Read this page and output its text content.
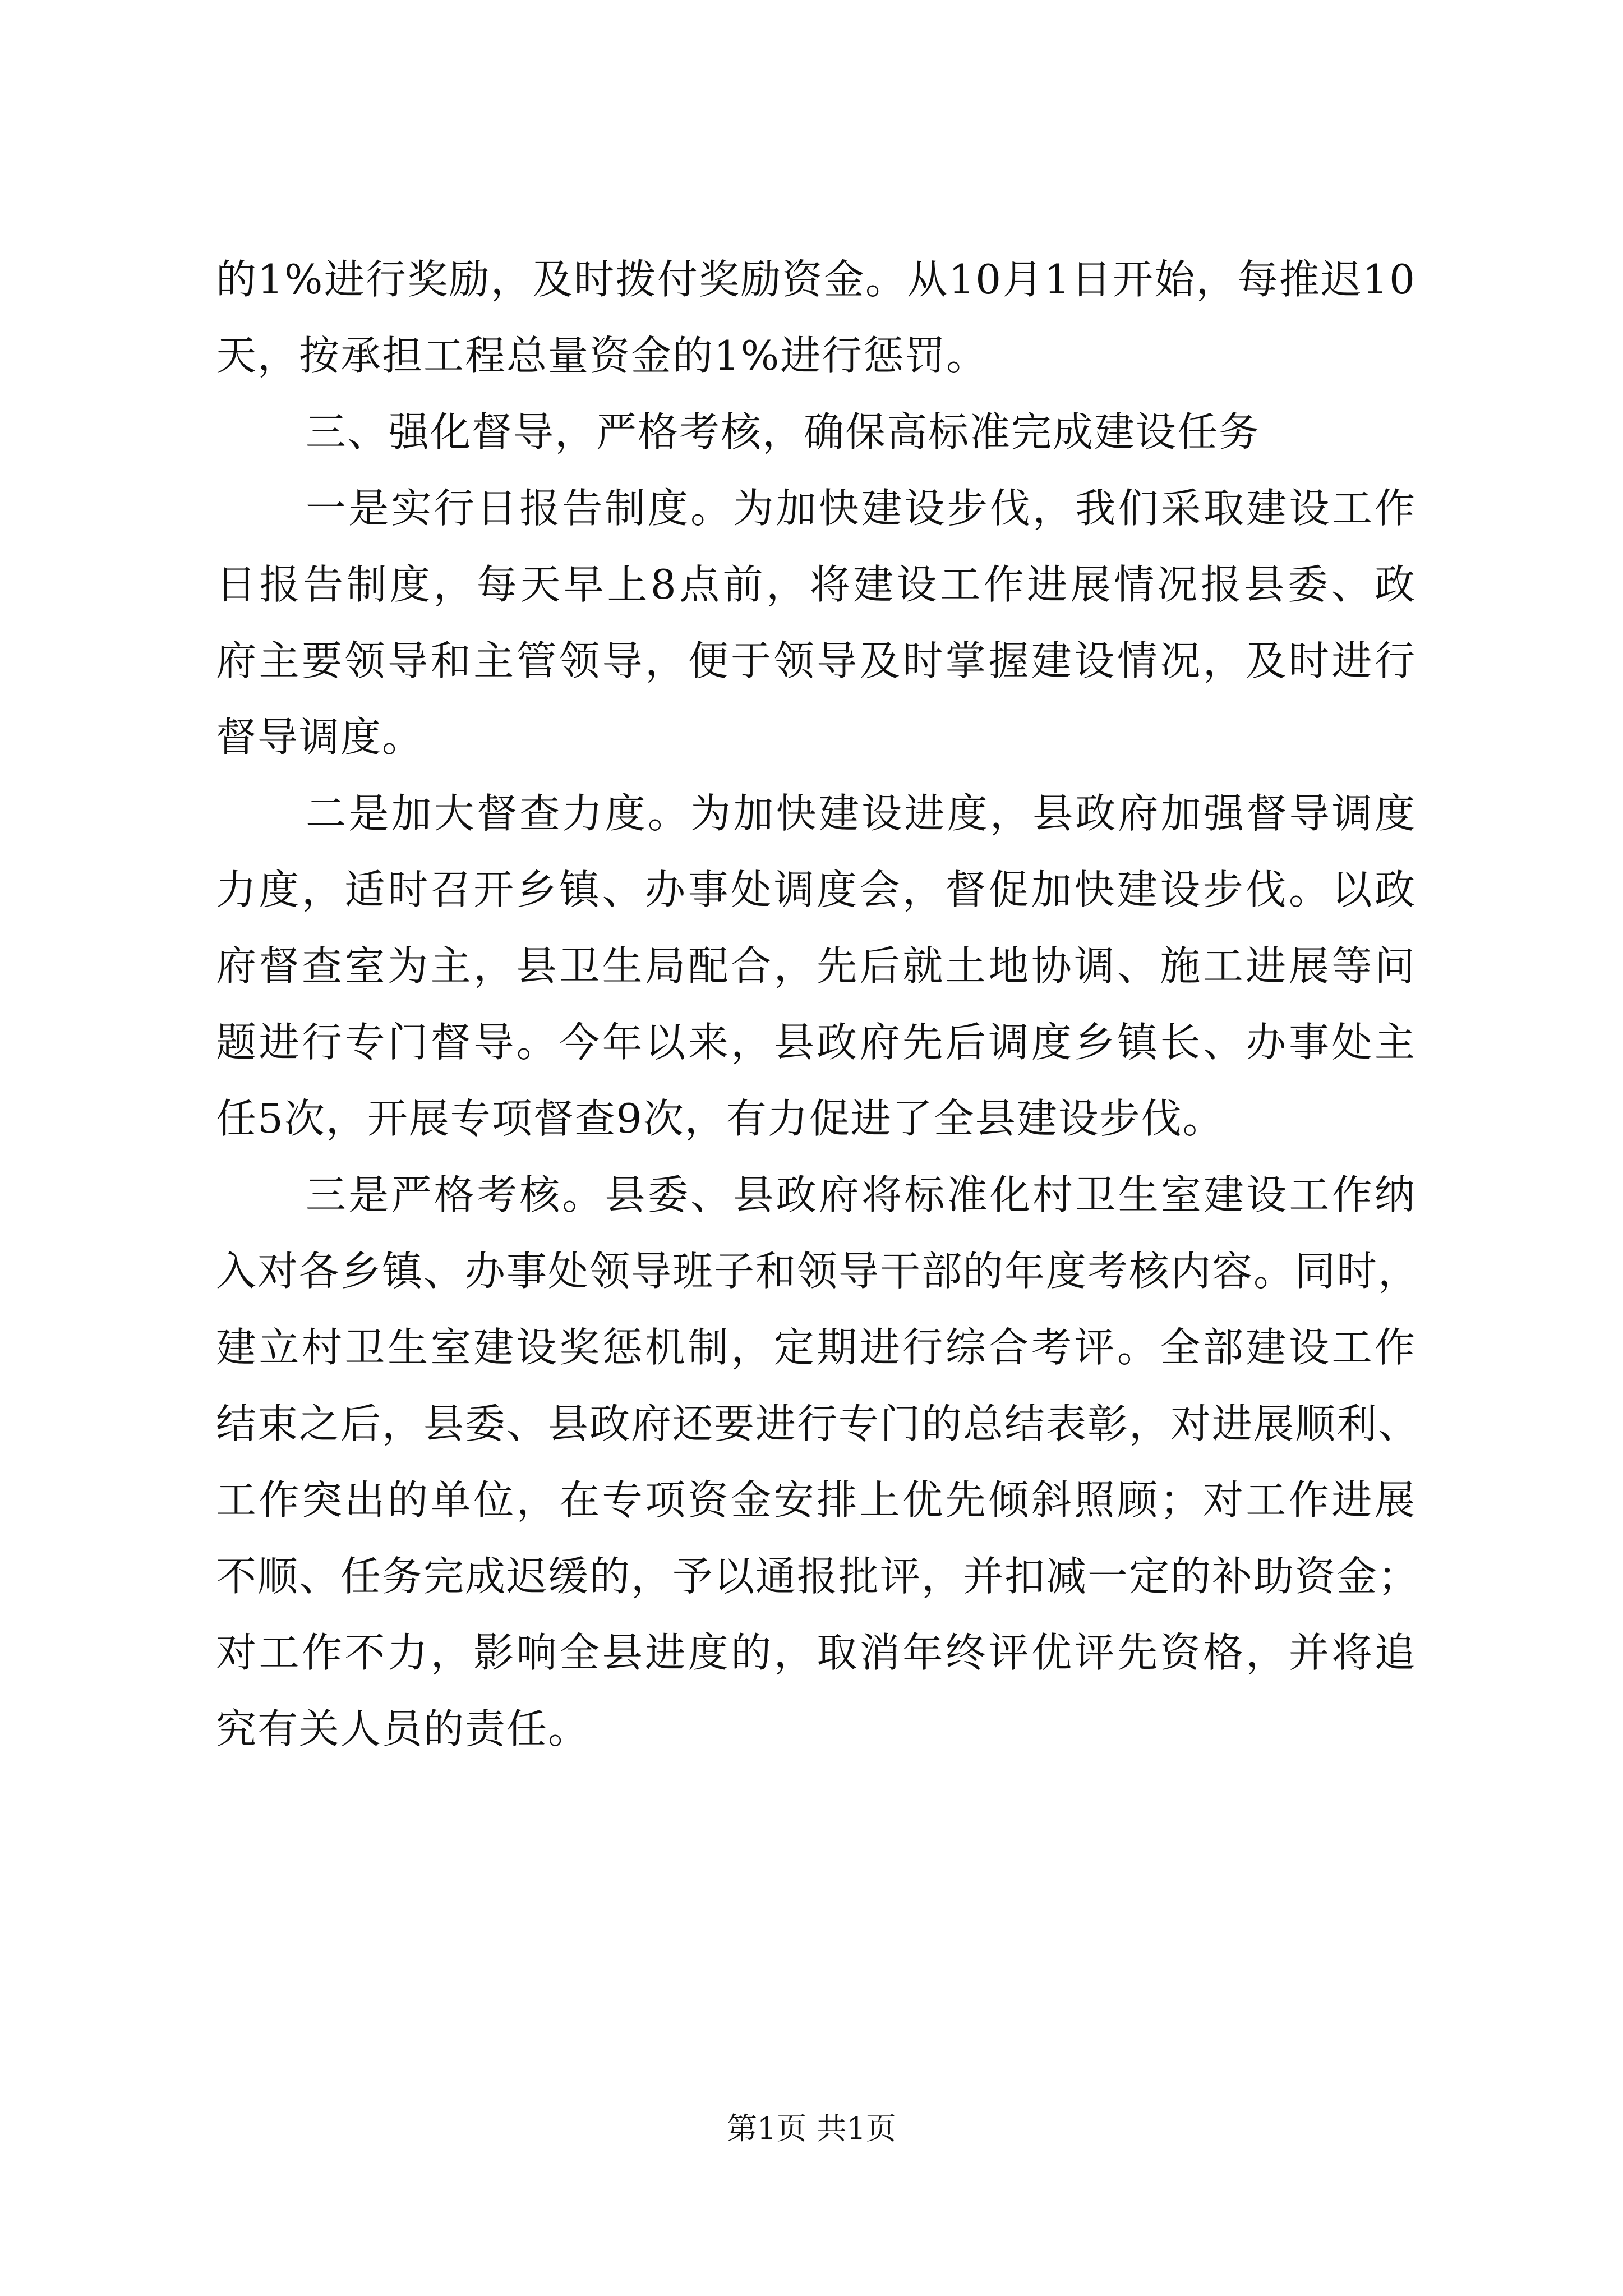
的1%进行奖励，及时拨付奖励资金。从10月1日开始，每推迟10
天，按承担工程总量资金的1%进行惩罚。
三、强化督导，严格考核，确保高标准完成建设任务
一是实行日报告制度。为加快建设步伐，我们采取建设工作
日报告制度，每天早上8点前，将建设工作进展情况报县委、政
府主要领导和主管领导，便于领导及时掌握建设情况，及时进行
督导调度。
二是加大督查力度。为加快建设进度，县政府加强督导调度
力度，适时召开乡镇、办事处调度会，督促加快建设步伐。以政
府督查室为主，县卫生局配合，先后就土地协调、施工进展等问
题进行专门督导。今年以来，县政府先后调度乡镇长、办事处主
任5次，开展专项督查9次，有力促进了全县建设步伐。
三是严格考核。县委、县政府将标准化村卫生室建设工作纳
入对各乡镇、办事处领导班子和领导干部的年度考核内容。同时，
建立村卫生室建设奖惩机制，定期进行综合考评。全部建设工作
结束之后，县委、县政府还要进行专门的总结表彰，对进展顺利、
工作突出的单位，在专项资金安排上优先倾斜照顾；对工作进展
不顺、任务完成迟缓的，予以通报批评，并扣减一定的补助资金；
对工作不力，影响全县进度的，取消年终评优评先资格，并将追
究有关人员的责任。
第1页 共1页
